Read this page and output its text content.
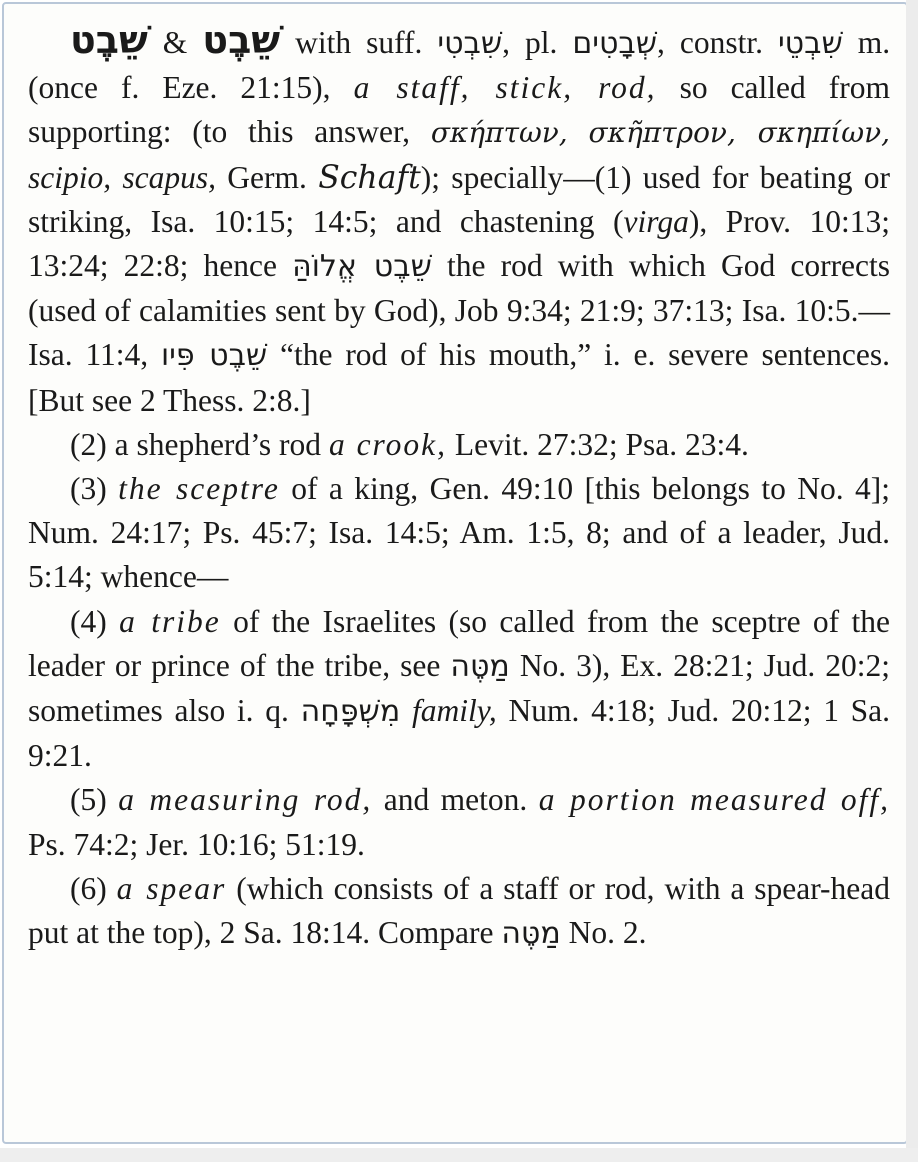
שֵׁבֶט & שֵׁבֶט with suff. שִׁבְטִי, pl. שְׁבָטִים, constr. שִׁבְטֵי m. (once f. Eze. 21:15), a staff, stick, rod, so called from supporting: (to this answer, σκήπτων, σκῆπτρον, σκηπίων, scipio, scapus, Germ. Schaft); specially—(1) used for beating or striking, Isa. 10:15; 14:5; and chastening (virga), Prov. 10:13; 13:24; 22:8; hence שֵׁבֶט אֱלוֹהַּ the rod with which God corrects (used of calamities sent by God), Job 9:34; 21:9; 37:13; Isa. 10:5.—Isa. 11:4, שֵׁבֶט פִּיו “the rod of his mouth,” i. e. severe sentences. [But see 2 Thess. 2:8.]

(2) a shepherd’s rod a crook, Levit. 27:32; Psa. 23:4.

(3) the sceptre of a king, Gen. 49:10 [this belongs to No. 4]; Num. 24:17; Ps. 45:7; Isa. 14:5; Am. 1:5, 8; and of a leader, Jud. 5:14; whence—

(4) a tribe of the Israelites (so called from the sceptre of the leader or prince of the tribe, see מַטֶּה No. 3), Ex. 28:21; Jud. 20:2; sometimes also i. q. מִשְׁפָּחָה family, Num. 4:18; Jud. 20:12; 1 Sa. 9:21.

(5) a measuring rod, and meton. a portion measured off, Ps. 74:2; Jer. 10:16; 51:19.

(6) a spear (which consists of a staff or rod, with a spear-head put at the top), 2 Sa. 18:14. Compare מַטֶּה No. 2.
